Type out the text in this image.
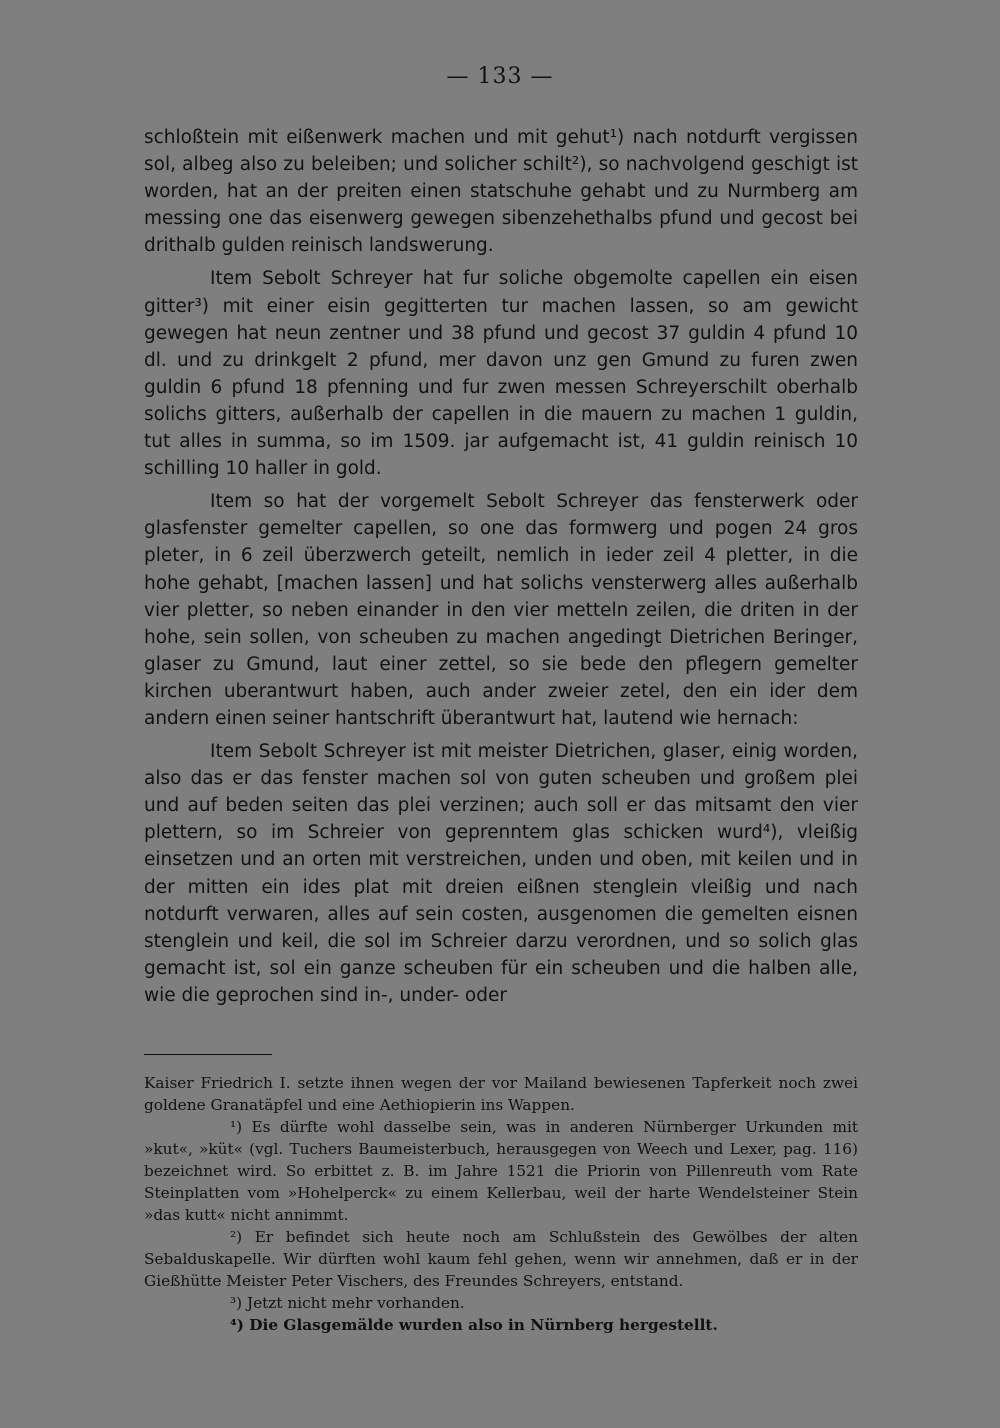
— 133 —

schloßtein mit eißenwerk machen und mit gehut¹) nach notdurft vergissen sol, albeg also zu beleiben; und solicher schilt²), so nachvolgend geschigt ist worden, hat an der preiten einen statschuhe gehabt und zu Nurmberg am messing one das eisenwerg gewegen sibenzehethalbs pfund und gecost bei drithalb gulden reinisch landswerung.

Item Sebolt Schreyer hat fur soliche obgemolte capellen ein eisen gitter³) mit einer eisin gegitterten tur machen lassen, so am gewicht gewegen hat neun zentner und 38 pfund und gecost 37 guldin 4 pfund 10 dl. und zu drinkgelt 2 pfund, mer davon unz gen Gmund zu furen zwen guldin 6 pfund 18 pfenning und fur zwen messen Schreyerschilt oberhalb solichs gitters, außerhalb der capellen in die mauern zu machen 1 guldin, tut alles in summa, so im 1509. jar aufgemacht ist, 41 guldin reinisch 10 schilling 10 haller in gold.

Item so hat der vorgemelt Sebolt Schreyer das fensterwerk oder glasfenster gemelter capellen, so one das formwerg und pogen 24 gros pleter, in 6 zeil überzwerch geteilt, nemlich in ieder zeil 4 pletter, in die hohe gehabt, [machen lassen] und hat solichs vensterwerg alles außerhalb vier pletter, so neben einander in den vier metteln zeilen, die driten in der hohe, sein sollen, von scheuben zu machen angedingt Dietrichen Beringer, glaser zu Gmund, laut einer zettel, so sie bede den pflegern gemelter kirchen uberantwurt haben, auch ander zweier zetel, den ein ider dem andern einen seiner hantschrift überantwurt hat, lautend wie hernach:

Item Sebolt Schreyer ist mit meister Dietrichen, glaser, einig worden, also das er das fenster machen sol von guten scheuben und großem plei und auf beden seiten das plei verzinen; auch soll er das mitsamt den vier plettern, so im Schreier von geprenntem glas schicken wurd⁴), vleißig einsetzen und an orten mit verstreichen, unden und oben, mit keilen und in der mitten ein ides plat mit dreien eißnen stenglein vleißig und nach notdurft verwaren, alles auf sein costen, ausgenomen die gemelten eisnen stenglein und keil, die sol im Schreier darzu verordnen, und so solich glas gemacht ist, sol ein ganze scheuben für ein scheuben und die halben alle, wie die geprochen sind in-, under- oder

Kaiser Friedrich I. setzte ihnen wegen der vor Mailand bewiesenen Tapferkeit noch zwei goldene Granatäpfel und eine Aethiopierin ins Wappen.

¹) Es dürfte wohl dasselbe sein, was in anderen Nürnberger Urkunden mit »kut«, »küt« (vgl. Tuchers Baumeisterbuch, herausgegen von Weech und Lexer, pag. 116) bezeichnet wird. So erbittet z. B. im Jahre 1521 die Priorin von Pillenreuth vom Rate Steinplatten vom »Hohelperck« zu einem Kellerbau, weil der harte Wendelsteiner Stein »das kutt« nicht annimmt.

²) Er befindet sich heute noch am Schlußstein des Gewölbes der alten Sebalduskapelle. Wir dürften wohl kaum fehl gehen, wenn wir annehmen, daß er in der Gießhütte Meister Peter Vischers, des Freundes Schreyers, entstand.

³) Jetzt nicht mehr vorhanden.

⁴) Die Glasgemälde wurden also in Nürnberg hergestellt.
